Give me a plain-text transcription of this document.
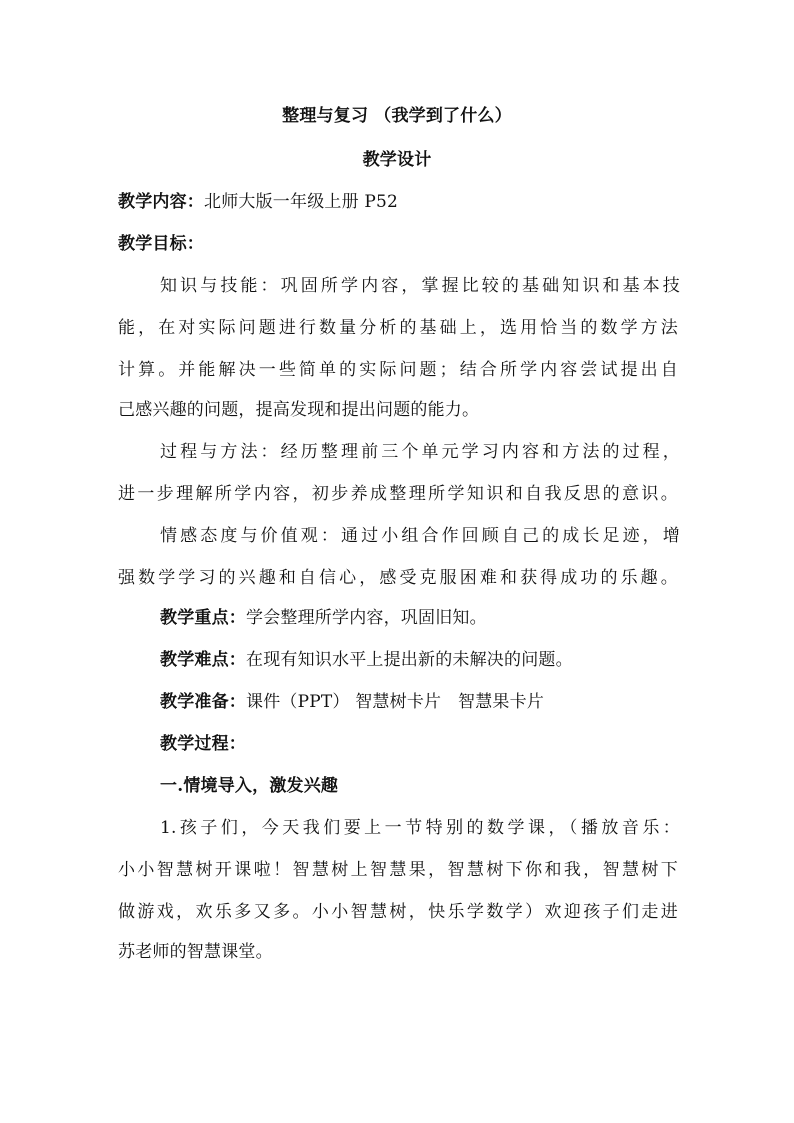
整理与复习 （我学到了什么）
教学设计
教学内容：北师大版一年级上册 P52
教学目标：
知识与技能：巩固所学内容，掌握比较的基础知识和基本技
能，在对实际问题进行数量分析的基础上，选用恰当的数学方法
计算。并能解决一些简单的实际问题；结合所学内容尝试提出自
己感兴趣的问题，提高发现和提出问题的能力。
过程与方法：经历整理前三个单元学习内容和方法的过程，
进一步理解所学内容，初步养成整理所学知识和自我反思的意识。
情感态度与价值观：通过小组合作回顾自己的成长足迹，增
强数学学习的兴趣和自信心，感受克服困难和获得成功的乐趣。
教学重点：学会整理所学内容，巩固旧知。
教学难点：在现有知识水平上提出新的未解决的问题。
教学准备：课件（PPT） 智慧树卡片   智慧果卡片
教学过程：
一.情境导入，激发兴趣
1.孩子们，今天我们要上一节特别的数学课，（播放音乐：
小小智慧树开课啦！智慧树上智慧果，智慧树下你和我，智慧树下
做游戏，欢乐多又多。小小智慧树，快乐学数学）欢迎孩子们走进
苏老师的智慧课堂。
